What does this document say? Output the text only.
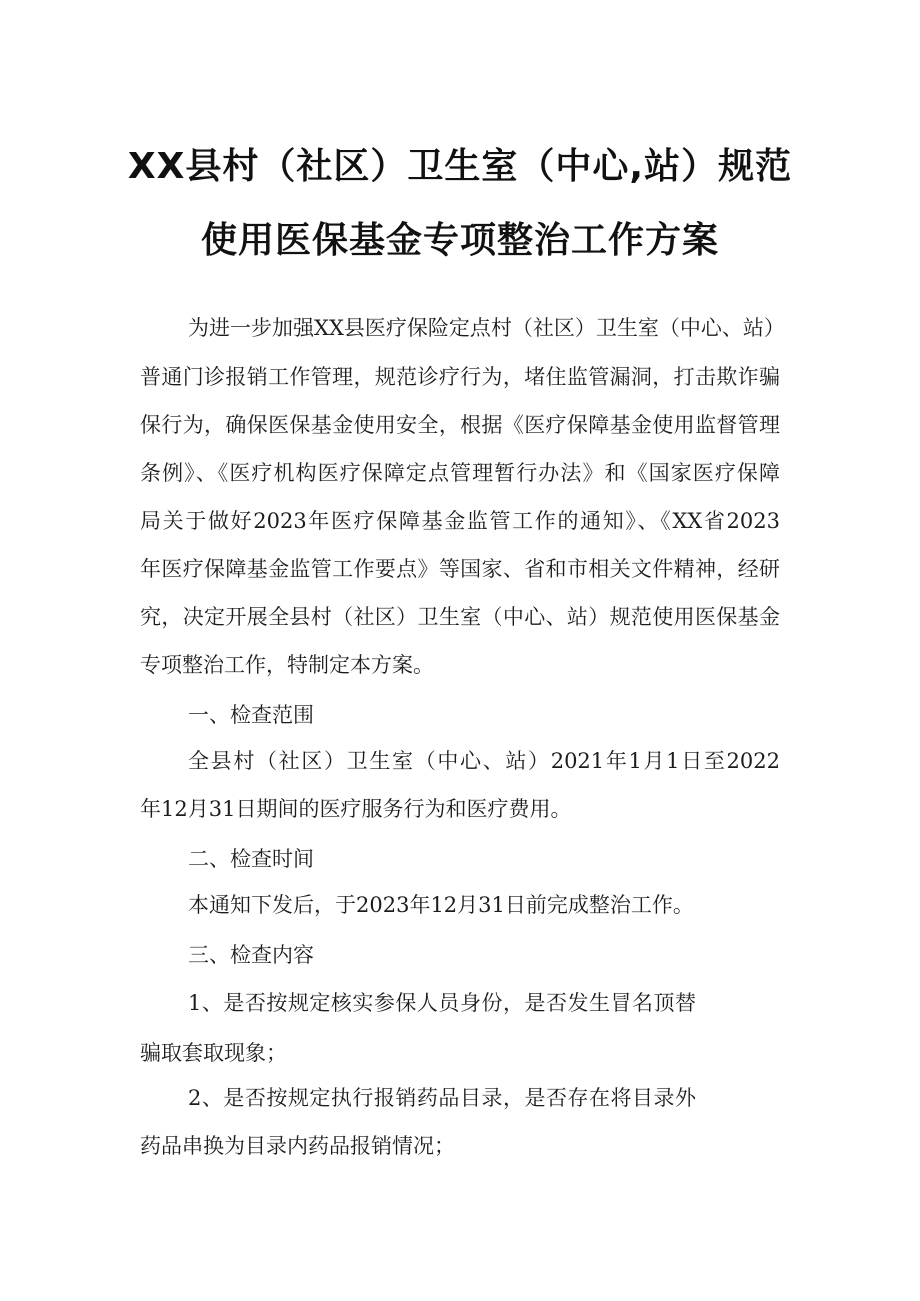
XX县村（社区）卫生室（中心,站）规范
使用医保基金专项整治工作方案
为进一步加强XX县医疗保险定点村（社区）卫生室（中心、站）
普通门诊报销工作管理，规范诊疗行为，堵住监管漏洞，打击欺诈骗
保行为，确保医保基金使用安全，根据《医疗保障基金使用监督管理
条例》、《医疗机构医疗保障定点管理暂行办法》和《国家医疗保障
局关于做好2023年医疗保障基金监管工作的通知》、《XX省2023
年医疗保障基金监管工作要点》等国家、省和市相关文件精神，经研
究，决定开展全县村（社区）卫生室（中心、站）规范使用医保基金
专项整治工作，特制定本方案。
一、检查范围
全县村（社区）卫生室（中心、站）2021年1月1日至2022
年12月31日期间的医疗服务行为和医疗费用。
二、检查时间
本通知下发后，于2023年12月31日前完成整治工作。
三、检查内容
1、是否按规定核实参保人员身份，是否发生冒名顶替
骗取套取现象；
2、是否按规定执行报销药品目录，是否存在将目录外
药品串换为目录内药品报销情况；
